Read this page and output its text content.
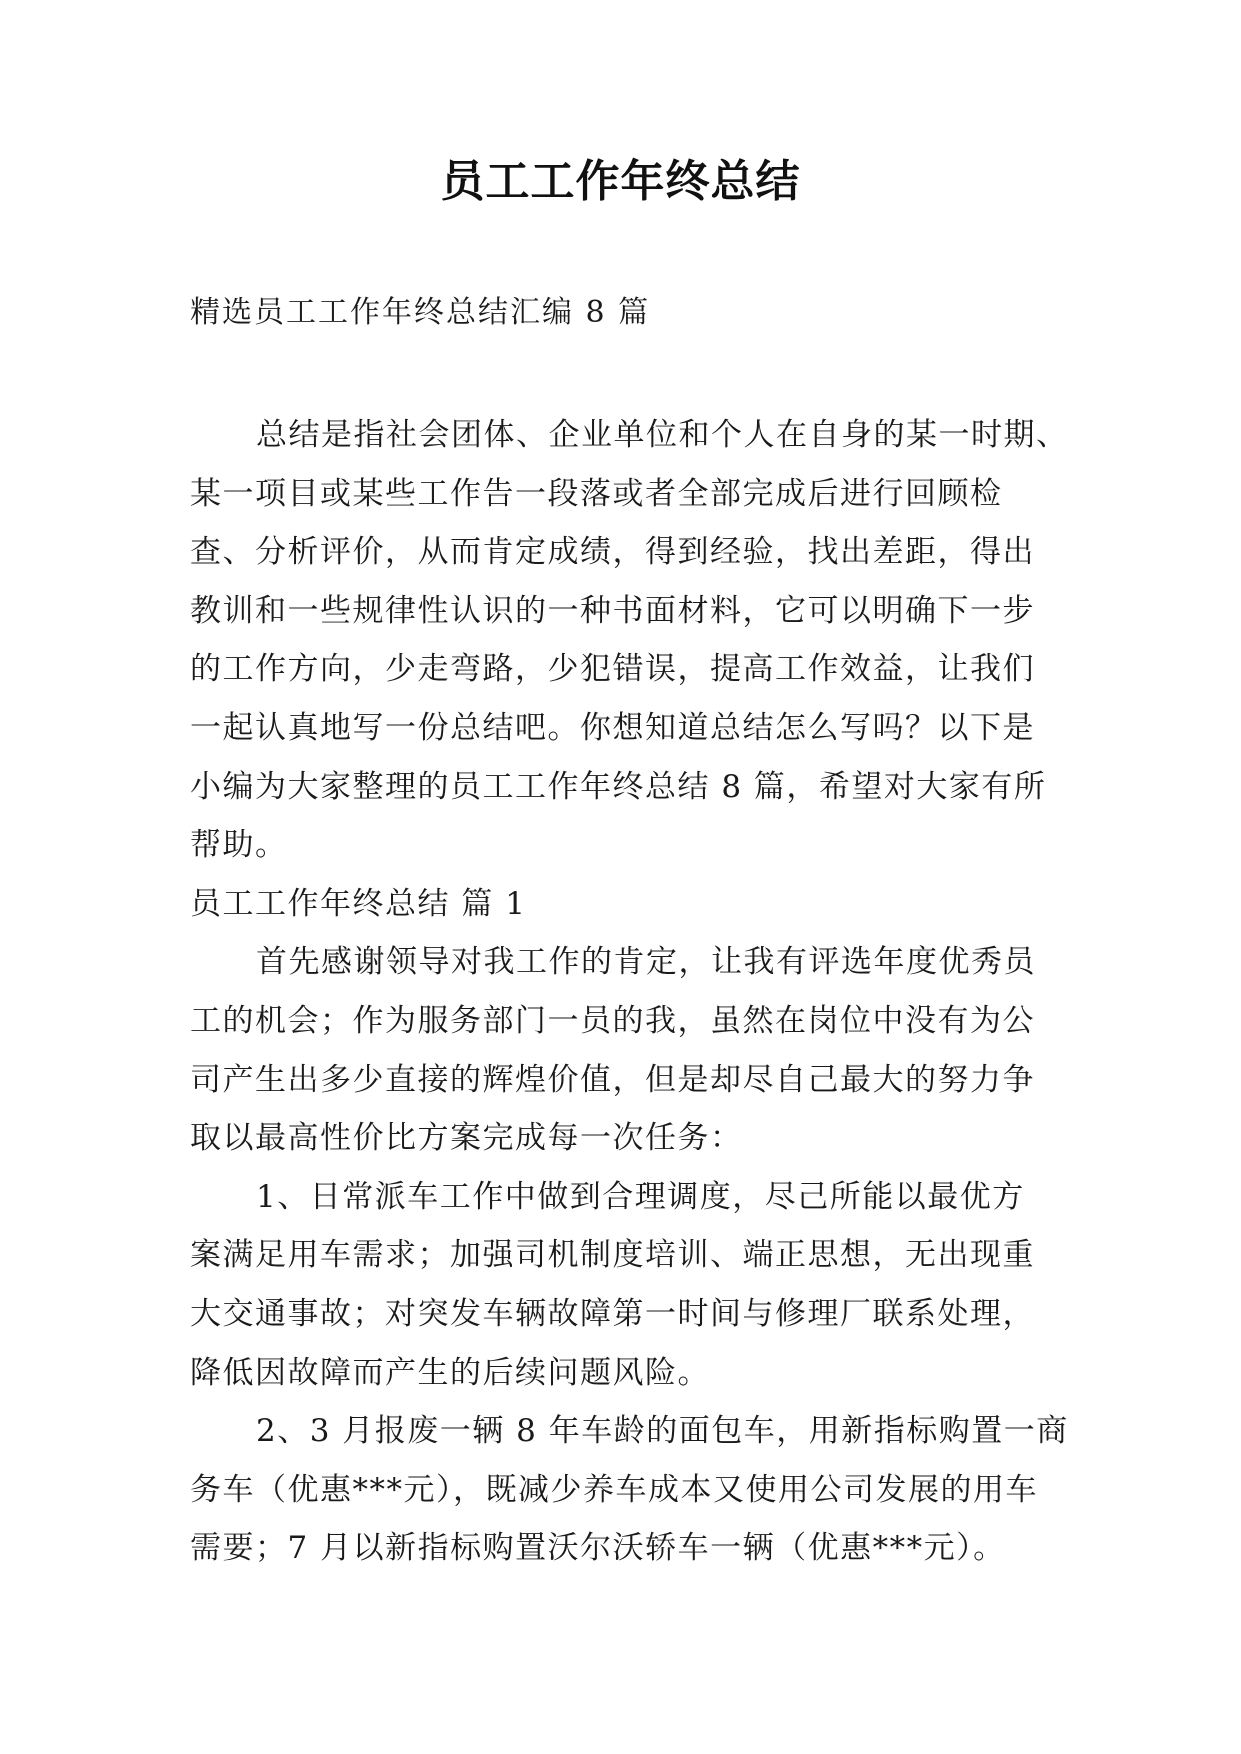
员工工作年终总结
精选员工工作年终总结汇编 8 篇
总结是指社会团体、企业单位和个人在自身的某一时期、
某一项目或某些工作告一段落或者全部完成后进行回顾检
查、分析评价，从而肯定成绩，得到经验，找出差距，得出
教训和一些规律性认识的一种书面材料，它可以明确下一步
的工作方向，少走弯路，少犯错误，提高工作效益，让我们
一起认真地写一份总结吧。你想知道总结怎么写吗？以下是
小编为大家整理的员工工作年终总结 8 篇，希望对大家有所
帮助。
员工工作年终总结 篇 1
首先感谢领导对我工作的肯定，让我有评选年度优秀员
工的机会；作为服务部门一员的我，虽然在岗位中没有为公
司产生出多少直接的辉煌价值，但是却尽自己最大的努力争
取以最高性价比方案完成每一次任务：
1、日常派车工作中做到合理调度，尽己所能以最优方
案满足用车需求；加强司机制度培训、端正思想，无出现重
大交通事故；对突发车辆故障第一时间与修理厂联系处理，
降低因故障而产生的后续问题风险。
2、3 月报废一辆 8 年车龄的面包车，用新指标购置一商
务车（优惠***元），既减少养车成本又使用公司发展的用车
需要；7 月以新指标购置沃尔沃轿车一辆（优惠***元）。
